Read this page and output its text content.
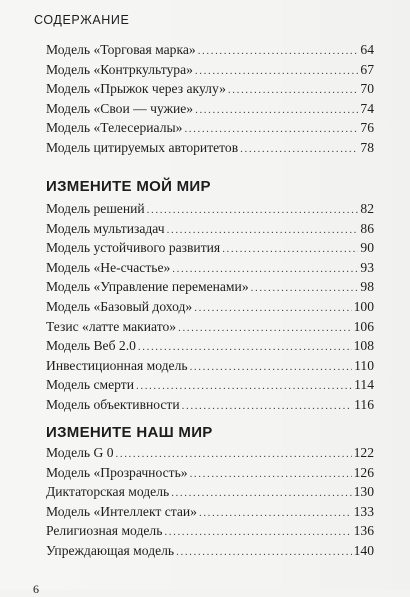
СОДЕРЖАНИЕ
Модель «Торговая марка» .....	64
Модель «Контркультура» .....	67
Модель «Прыжок через акулу» .....	70
Модель «Свои — чужие» .....	74
Модель «Телесериалы» .....	76
Модель цитируемых авторитетов .....	78
ИЗМЕНИТЕ МОЙ МИР
Модель решений .....	82
Модель мультизадач .....	86
Модель устойчивого развития .....	90
Модель «Не-счастье» .....	93
Модель «Управление переменами» .....	98
Модель «Базовый доход» .....	100
Тезис «латте макиато» .....	106
Модель Веб 2.0 .....	108
Инвестиционная модель .....	110
Модель смерти .....	114
Модель объективности .....	116
ИЗМЕНИТЕ НАШ МИР
Модель G 0 .....	122
Модель «Прозрачность» .....	126
Диктаторская модель .....	130
Модель «Интеллект стаи» .....	133
Религиозная модель .....	136
Упреждающая модель .....	140
6
